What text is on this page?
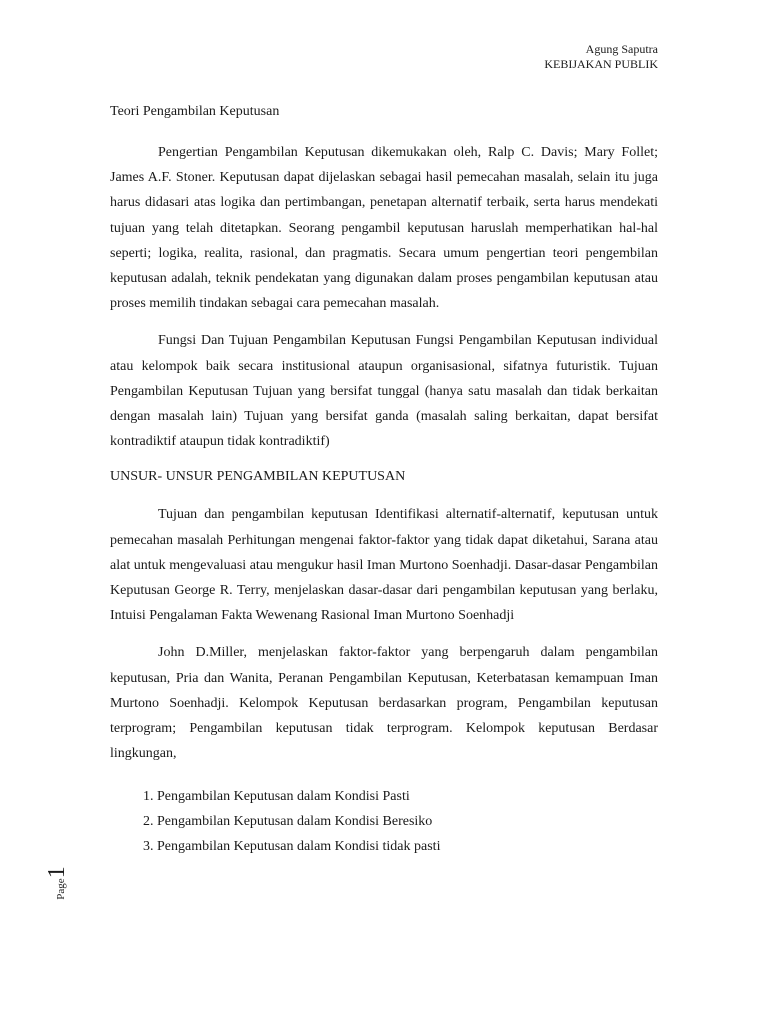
Agung Saputra
KEBIJAKAN PUBLIK
Teori Pengambilan Keputusan

Pengertian Pengambilan Keputusan dikemukakan oleh, Ralp C. Davis; Mary Follet; James A.F. Stoner. Keputusan dapat dijelaskan sebagai hasil pemecahan masalah, selain itu juga harus didasari atas logika dan pertimbangan, penetapan alternatif terbaik, serta harus mendekati tujuan yang telah ditetapkan. Seorang pengambil keputusan haruslah memperhatikan hal-hal seperti; logika, realita, rasional, dan pragmatis. Secara umum pengertian teori pengembilan keputusan adalah, teknik pendekatan yang digunakan dalam proses pengambilan keputusan atau proses memilih tindakan sebagai cara pemecahan masalah.

Fungsi Dan Tujuan Pengambilan Keputusan Fungsi Pengambilan Keputusan individual atau kelompok baik secara institusional ataupun organisasional, sifatnya futuristik. Tujuan Pengambilan Keputusan Tujuan yang bersifat tunggal (hanya satu masalah dan tidak berkaitan dengan masalah lain) Tujuan yang bersifat ganda (masalah saling berkaitan, dapat bersifat kontradiktif ataupun tidak kontradiktif)

UNSUR- UNSUR PENGAMBILAN KEPUTUSAN

Tujuan dan pengambilan keputusan Identifikasi alternatif-alternatif, keputusan untuk pemecahan masalah Perhitungan mengenai faktor-faktor yang tidak dapat diketahui, Sarana atau alat untuk mengevaluasi atau mengukur hasil Iman Murtono Soenhadji. Dasar-dasar Pengambilan Keputusan George R. Terry, menjelaskan dasar-dasar dari pengambilan keputusan yang berlaku, Intuisi Pengalaman Fakta Wewenang Rasional Iman Murtono Soenhadji

John D.Miller, menjelaskan faktor-faktor yang berpengaruh dalam pengambilan keputusan, Pria dan Wanita, Peranan Pengambilan Keputusan, Keterbatasan kemampuan Iman Murtono Soenhadji. Kelompok Keputusan berdasarkan program, Pengambilan keputusan terprogram; Pengambilan keputusan tidak terprogram. Kelompok keputusan Berdasar lingkungan,

1. Pengambilan Keputusan dalam Kondisi Pasti
2. Pengambilan Keputusan dalam Kondisi Beresiko
3. Pengambilan Keputusan dalam Kondisi tidak pasti
Page1
